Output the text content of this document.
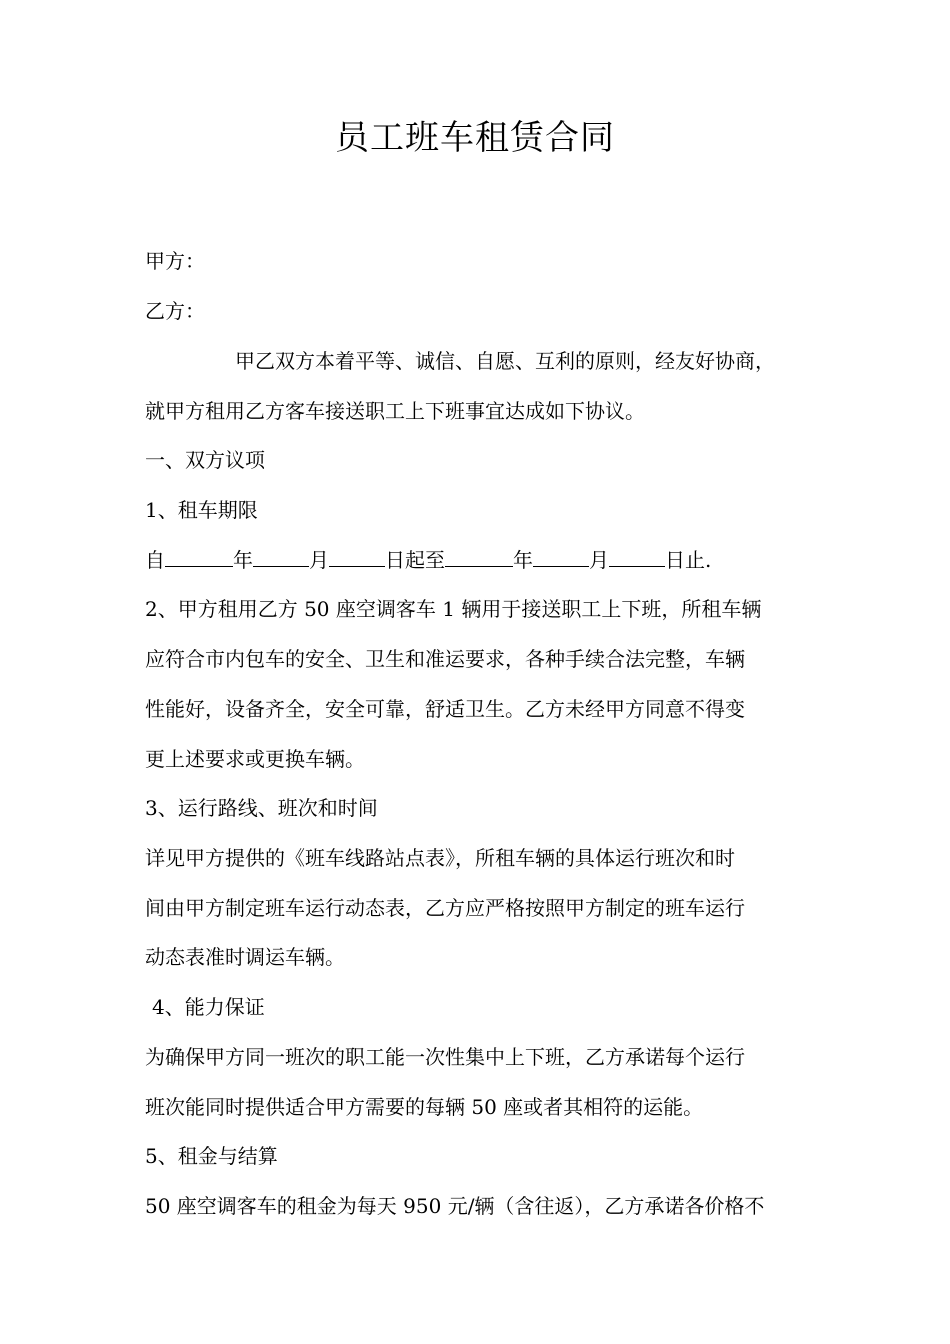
员工班车租赁合同
甲方：
乙方：
甲乙双方本着平等、诚信、自愿、互利的原则，经友好协商，
就甲方租用乙方客车接送职工上下班事宜达成如下协议。
一、双方议项
1、租车期限
自	年	月	日起至	年	月	日止.
2、甲方租用乙方 50 座空调客车 1 辆用于接送职工上下班，所租车辆
应符合市内包车的安全、卫生和准运要求，各种手续合法完整，车辆
性能好，设备齐全，安全可靠，舒适卫生。乙方未经甲方同意不得变
更上述要求或更换车辆。
3、运行路线、班次和时间
详见甲方提供的《班车线路站点表》，所租车辆的具体运行班次和时
间由甲方制定班车运行动态表，乙方应严格按照甲方制定的班车运行
动态表准时调运车辆。
4、能力保证
为确保甲方同一班次的职工能一次性集中上下班，乙方承诺每个运行
班次能同时提供适合甲方需要的每辆 50 座或者其相符的运能。
5、租金与结算
50 座空调客车的租金为每天 950 元/辆（含往返），乙方承诺各价格不
